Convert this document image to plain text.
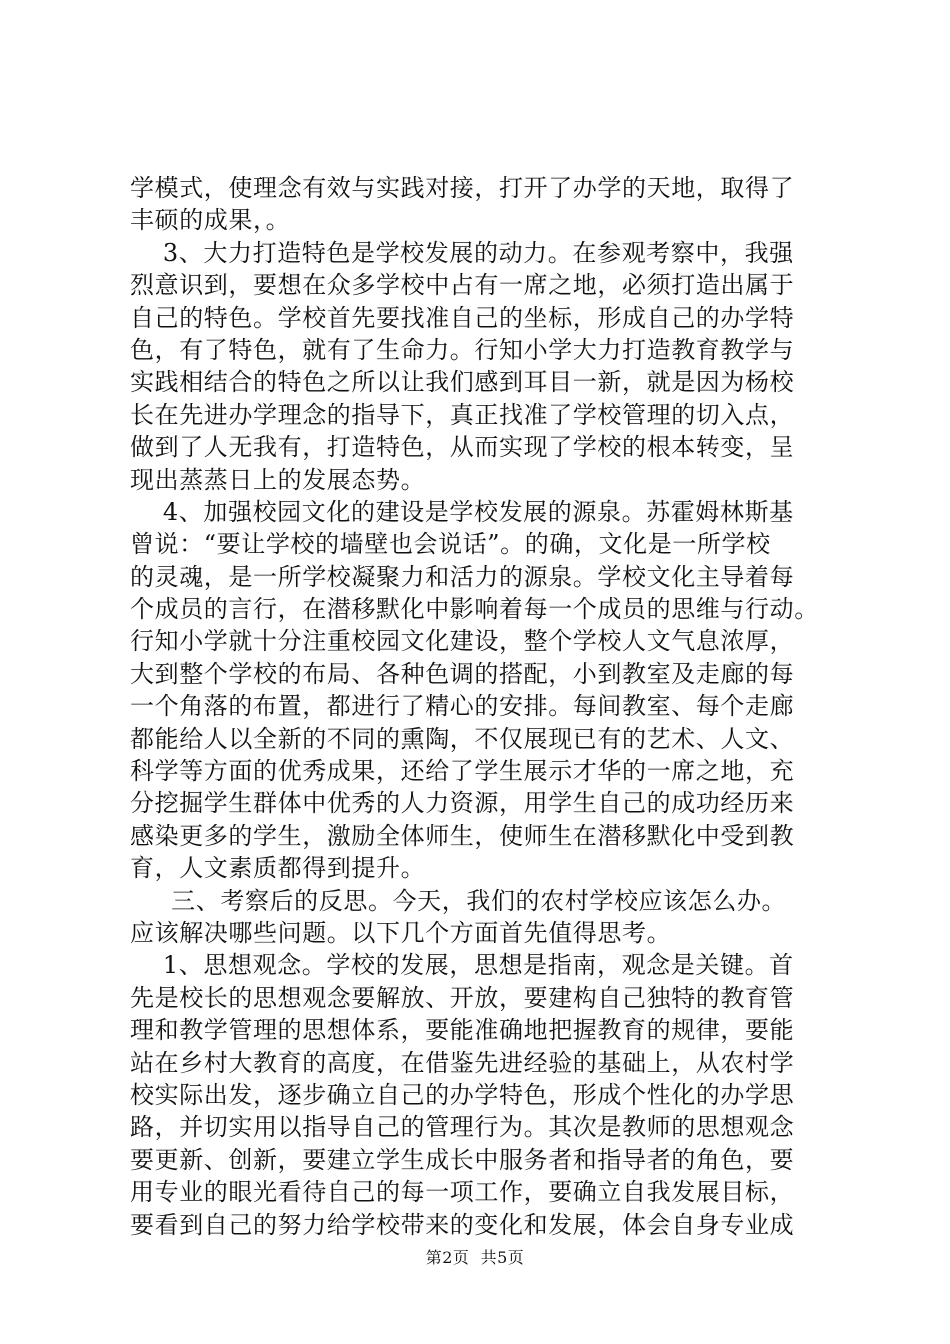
学模式，使理念有效与实践对接，打开了办学的天地，取得了
丰硕的成果，。
3、大力打造特色是学校发展的动力。在参观考察中，我强
烈意识到，要想在众多学校中占有一席之地，必须打造出属于
自己的特色。学校首先要找准自己的坐标，形成自己的办学特
色，有了特色，就有了生命力。行知小学大力打造教育教学与
实践相结合的特色之所以让我们感到耳目一新，就是因为杨校
长在先进办学理念的指导下，真正找准了学校管理的切入点，
做到了人无我有，打造特色，从而实现了学校的根本转变，呈
现出蒸蒸日上的发展态势。
4、加强校园文化的建设是学校发展的源泉。苏霍姆林斯基
曾说：“要让学校的墙壁也会说话”。的确，文化是一所学校
的灵魂，是一所学校凝聚力和活力的源泉。学校文化主导着每
个成员的言行，在潜移默化中影响着每一个成员的思维与行动。
行知小学就十分注重校园文化建设，整个学校人文气息浓厚，
大到整个学校的布局、各种色调的搭配，小到教室及走廊的每
一个角落的布置，都进行了精心的安排。每间教室、每个走廊
都能给人以全新的不同的熏陶，不仅展现已有的艺术、人文、
科学等方面的优秀成果，还给了学生展示才华的一席之地，充
分挖掘学生群体中优秀的人力资源，用学生自己的成功经历来
感染更多的学生，激励全体师生，使师生在潜移默化中受到教
育，人文素质都得到提升。
三、考察后的反思。今天，我们的农村学校应该怎么办。
应该解决哪些问题。以下几个方面首先值得思考。
1、思想观念。学校的发展，思想是指南，观念是关键。首
先是校长的思想观念要解放、开放，要建构自己独特的教育管
理和教学管理的思想体系，要能准确地把握教育的规律，要能
站在乡村大教育的高度，在借鉴先进经验的基础上，从农村学
校实际出发，逐步确立自己的办学特色，形成个性化的办学思
路，并切实用以指导自己的管理行为。其次是教师的思想观念
要更新、创新，要建立学生成长中服务者和指导者的角色，要
用专业的眼光看待自己的每一项工作，要确立自我发展目标，
要看到自己的努力给学校带来的变化和发展，体会自身专业成
第2页  共5页
